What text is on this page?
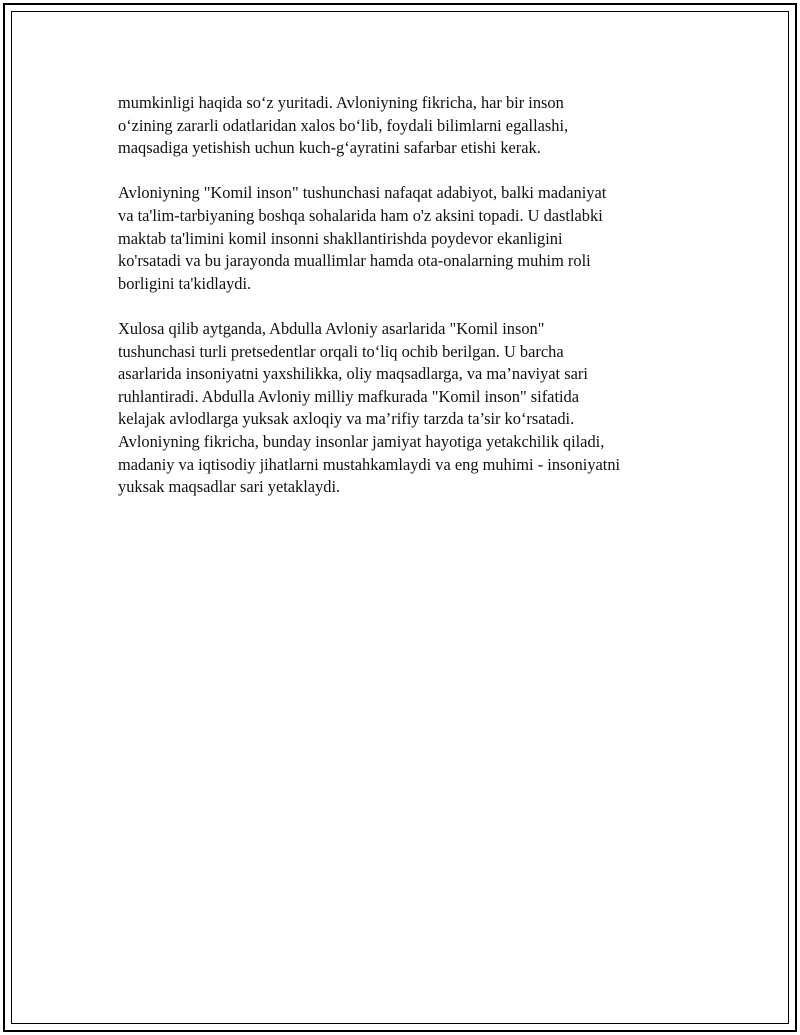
mumkinligi haqida so‘z yuritadi. Avloniyning fikricha, har bir inson
o‘zining zararli odatlaridan xalos bo‘lib, foydali bilimlarni egallashi,
maqsadiga yetishish uchun kuch-g‘ayratini safarbar etishi kerak.

Avloniyning "Komil inson" tushunchasi nafaqat adabiyot, balki madaniyat
va ta'lim-tarbiyaning boshqa sohalarida ham o'z aksini topadi. U dastlabki
maktab ta'limini komil insonni shakllantirishda poydevor ekanligini
ko'rsatadi va bu jarayonda muallimlar hamda ota-onalarning muhim roli
borligini ta'kidlaydi.

Xulosa qilib aytganda, Abdulla Avloniy asarlarida "Komil inson"
tushunchasi turli pretsedentlar orqali to‘liq ochib berilgan. U barcha
asarlarida insoniyatni yaxshilikka, oliy maqsadlarga, va ma’naviyat sari
ruhlantiradi. Abdulla Avloniy milliy mafkurada "Komil inson" sifatida
kelajak avlodlarga yuksak axloqiy va ma’rifiy tarzda ta’sir ko‘rsatadi.
Avloniyning fikricha, bunday insonlar jamiyat hayotiga yetakchilik qiladi,
madaniy va iqtisodiy jihatlarni mustahkamlaydi va eng muhimi - insoniyatni
yuksak maqsadlar sari yetaklaydi.
